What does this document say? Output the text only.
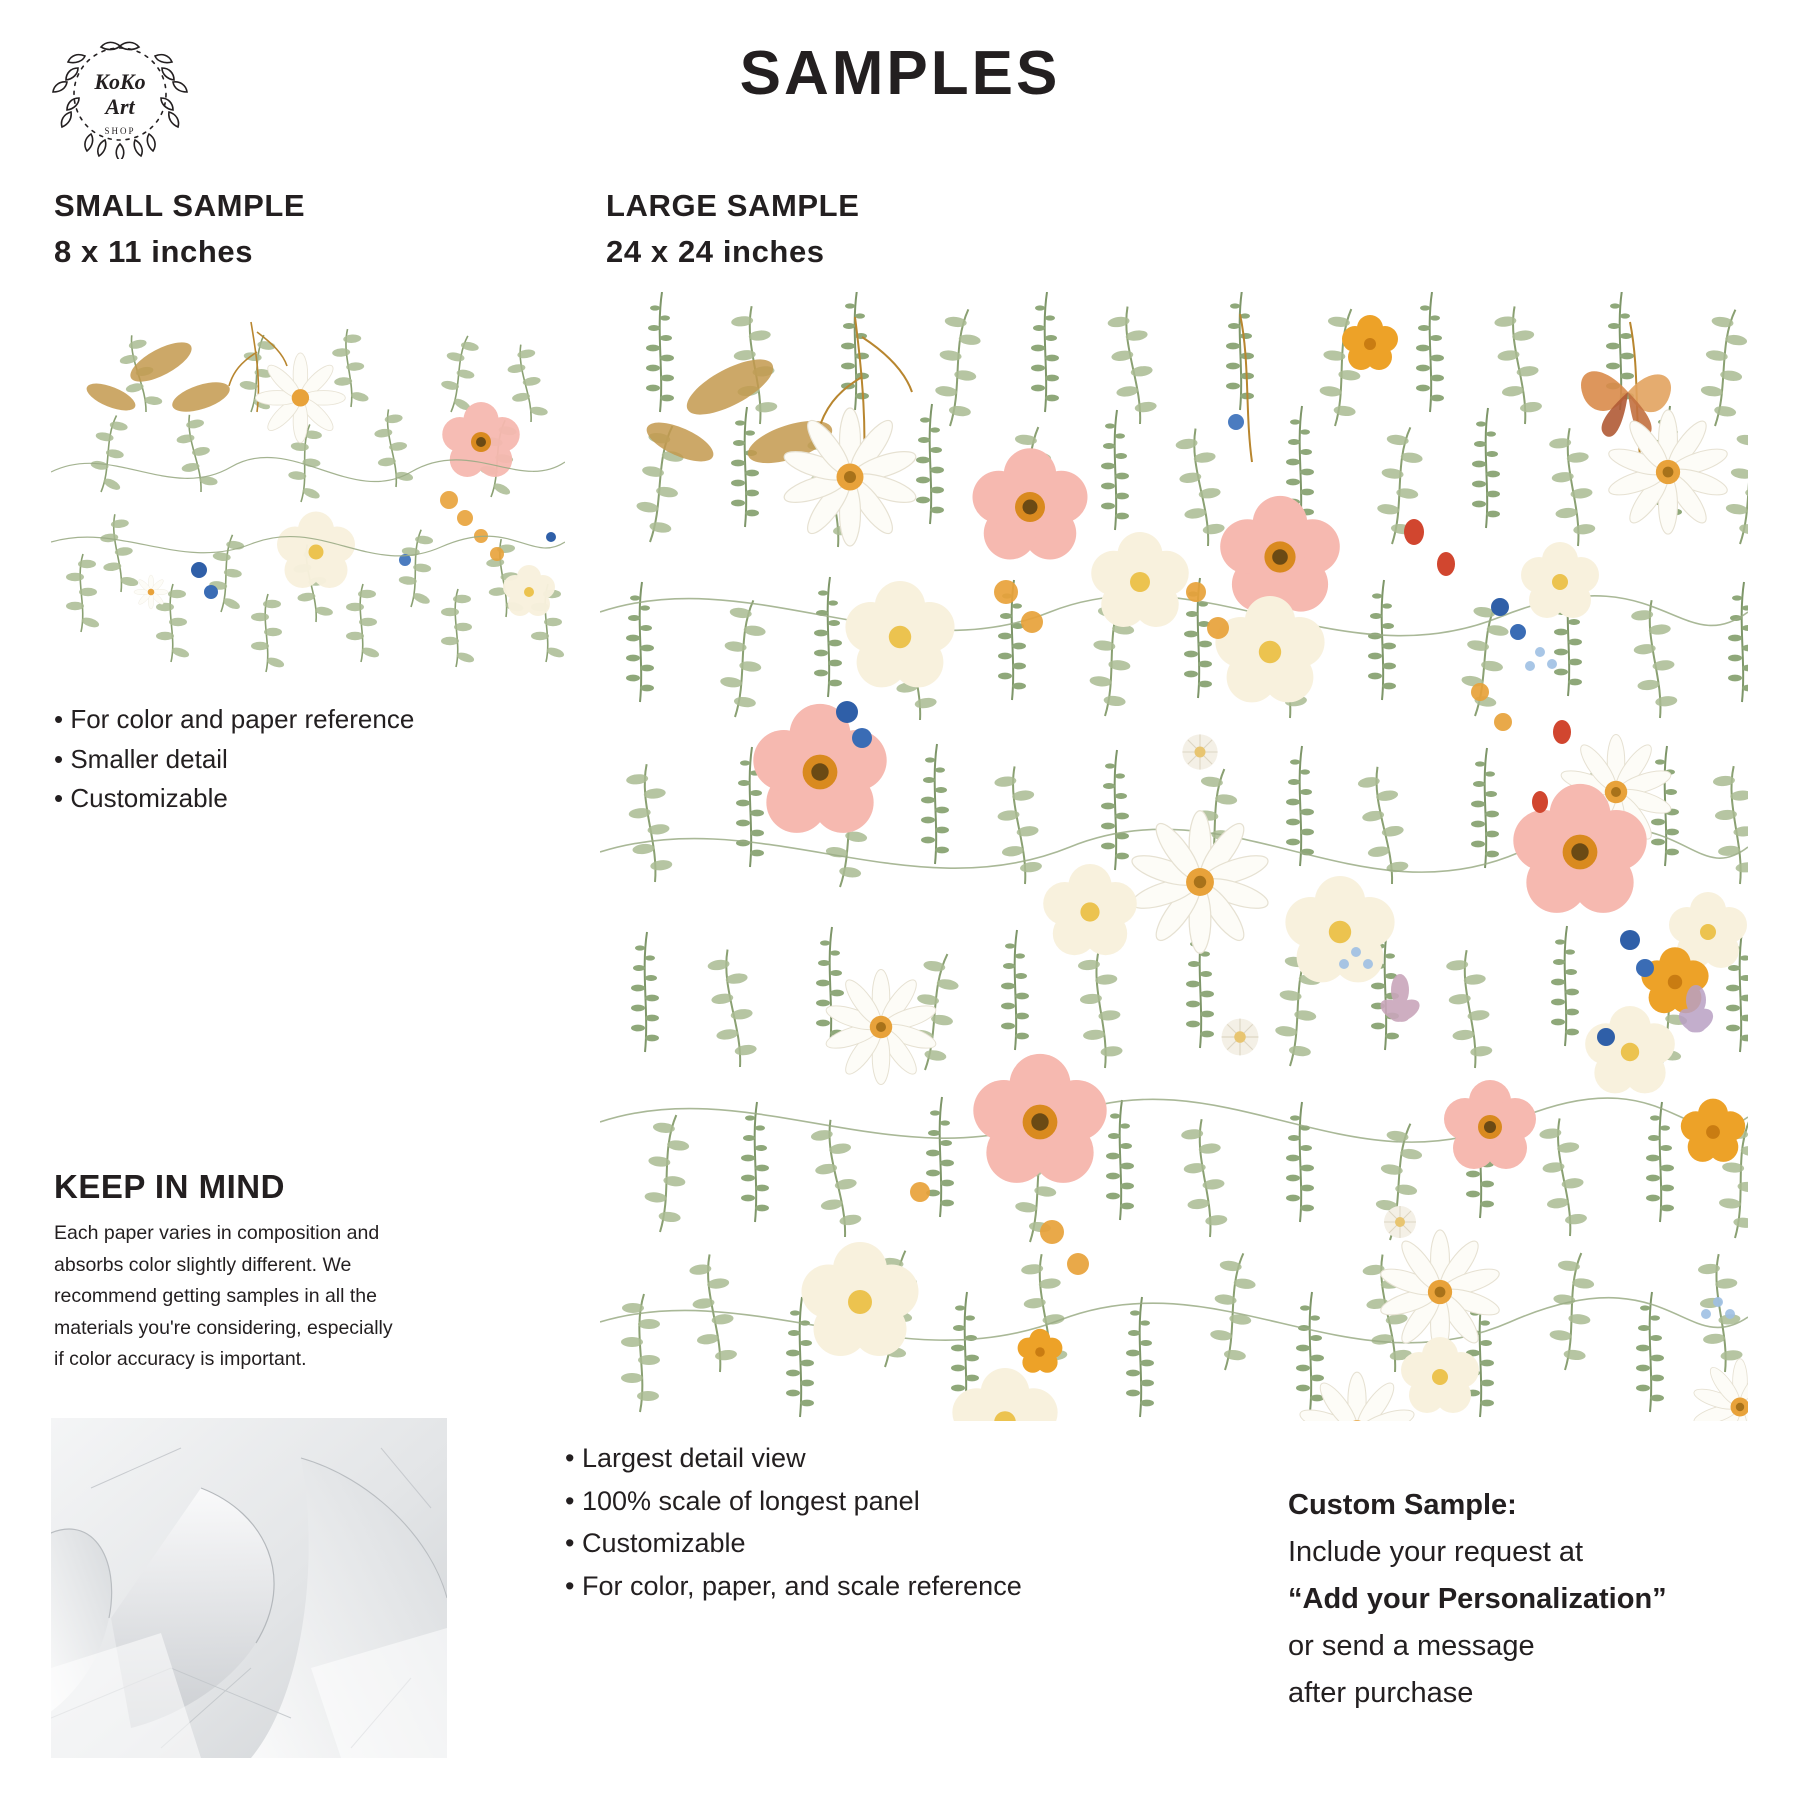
KoKo
Art
SHOP
SAMPLES
SMALL SAMPLE
8 x 11 inches
LARGE SAMPLE
24 x 24 inches
• For color and paper reference
• Smaller detail
• Customizable
• Largest detail view
• 100% scale of longest panel
• Customizable
• For color, paper, and scale reference
KEEP IN MIND
Each paper varies in composition and absorbs color slightly different. We recommend getting samples in all the materials you're considering, especially if color accuracy is important.
Custom Sample:
Include your request at
“Add your Personalization”
or send a message
after purchase
